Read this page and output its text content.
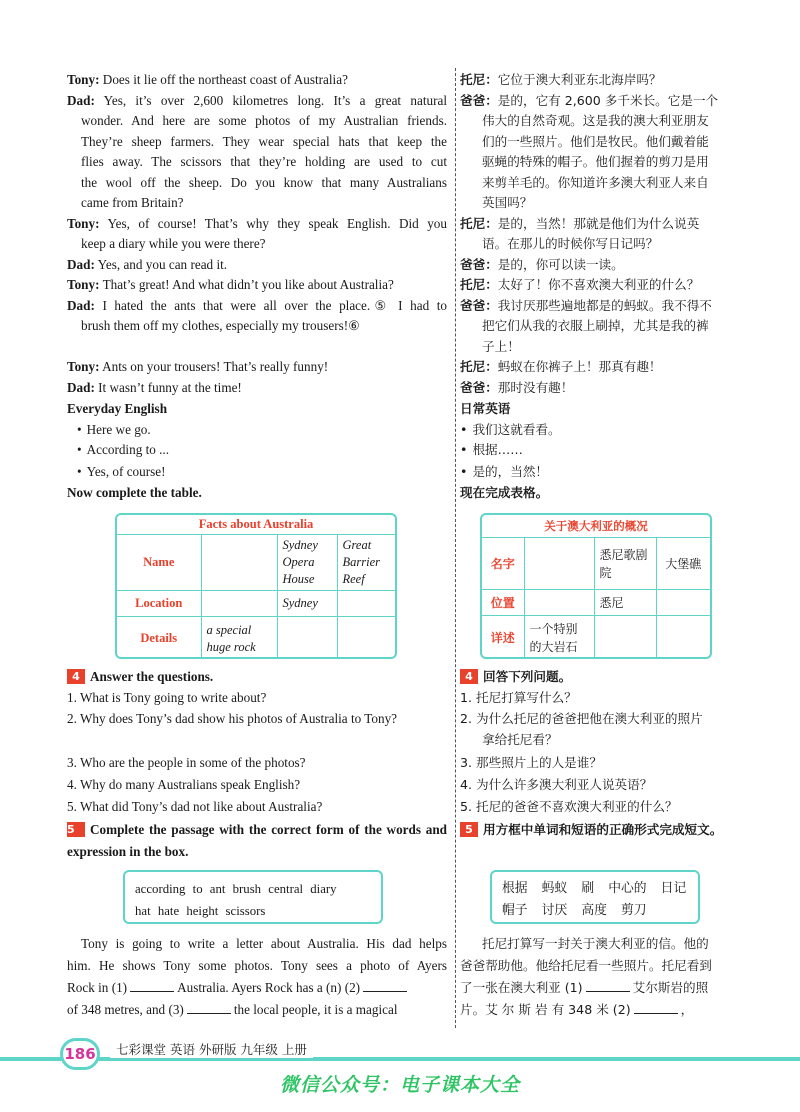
Tony: Does it lie off the northeast coast of Australia?
Dad: Yes, it’s over 2,600 kilometres long. It’s a great natural
wonder. And here are some photos of my Australian friends.
They’re sheep farmers. They wear special hats that keep the
flies away. The scissors that they’re holding are used to cut
the wool off the sheep. Do you know that many Australians
came from Britain?
Tony: Yes, of course! That’s why they speak English. Did you
keep a diary while you were there?
Dad: Yes, and you can read it.
Tony: That’s great! And what didn’t you like about Australia?
Dad: I hated the ants that were all over the place.⑤ I had to
brush them off my clothes, especially my trousers!⑥
Tony: Ants on your trousers! That’s really funny!
Dad: It wasn’t funny at the time!
Everyday English
• Here we go.
• According to ...
• Yes, of course!
Now complete the table.
Facts about Australia			
Name		Sydney Opera House	Great Barrier Reef
Location		Sydney	
Details	a special huge rock		
4 Answer the questions.
1. What is Tony going to write about?
2. Why does Tony’s dad show his photos of Australia to Tony?
3. Who are the people in some of the photos?
4. Why do many Australians speak English?
5. What did Tony’s dad not like about Australia?
5 Complete the passage with the correct form of the words and
expression in the box.
according to ant brush central diary
hat hate height scissors
Tony is going to write a letter about Australia. His dad helps
him. He shows Tony some photos. Tony sees a photo of Ayers
Rock in (1)	Australia. Ayers Rock has a (n) (2)
of 348 metres, and (3)	the local people, it is a magical
托尼：它位于澳大利亚东北海岸吗？
爸爸：是的，它有 2,600 多千米长。它是一个
伟大的自然奇观。这是我的澳大利亚朋友
们的一些照片。他们是牧民。他们戴着能
驱蝇的特殊的帽子。他们握着的剪刀是用
来剪羊毛的。你知道许多澳大利亚人来自
英国吗？
托尼：是的，当然！那就是他们为什么说英
语。在那儿的时候你写日记吗？
爸爸：是的，你可以读一读。
托尼：太好了！你不喜欢澳大利亚的什么？
爸爸：我讨厌那些遍地都是的蚂蚁。我不得不
把它们从我的衣服上刷掉，尤其是我的裤
子上！
托尼：蚂蚁在你裤子上！那真有趣！
爸爸：那时没有趣！
日常英语
• 我们这就看看。
• 根据……
• 是的，当然！
现在完成表格。
关于澳大利亚的概况			
名字		悉尼歌剧院	大堡礁
位置		悉尼	
详述	一个特别的大岩石		
4 回答下列问题。
1. 托尼打算写什么？
2. 为什么托尼的爸爸把他在澳大利亚的照片
拿给托尼看？
3. 那些照片上的人是谁？
4. 为什么许多澳大利亚人说英语？
5. 托尼的爸爸不喜欢澳大利亚的什么？
5 用方框中单词和短语的正确形式完成短文。
根据 蚂蚁 刷 中心的 日记
帽子 讨厌 高度 剪刀
托尼打算写一封关于澳大利亚的信。他的
爸爸帮助他。他给托尼看一些照片。托尼看到
了一张在澳大利亚 (1)	艾尔斯岩的照
片。艾 尔 斯 岩 有 348 米 (2)	，
186	七彩课堂 英语 外研版 九年级 上册
微信公众号：电子课本大全
